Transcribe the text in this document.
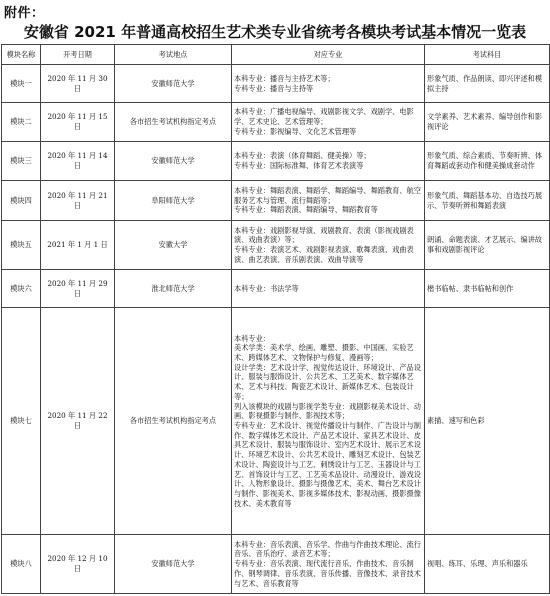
附件：
安徽省 2021 年普通高校招生艺术类专业省统考各模块考试基本情况一览表
模块名称	开考日期	考试地点	对应专业	考试科目
模块一	2020 年 11 月 30 日	安徽师范大学	本科专业：播音与主持艺术等；
专科专业：播音与主持等	形象气质、作品朗读、即兴评述和模拟主持

模块二	2020 年 11 月 15 日	各市招生考试机构指定考点	本科专业：广播电视编导、戏剧影视文学、戏剧学、电影学、艺术史论、艺术管理等；
专科专业：影视编导、文化艺术管理等	文学素养、艺术素养、编导创作和影视评论

模块三	2020 年 11 月 14 日	安徽师范大学	本科专业：表演（体育舞蹈、健美操）等；
专科专业：国际标准舞、体育艺术表演等	形象气质、综合素质、节奏听辨、体育舞蹈或套动作和健美操成套动作

模块四	2020 年 11 月 21 日	阜阳师范大学	本科专业：舞蹈表演、舞蹈学、舞蹈编导、舞蹈教育、航空服务艺术与管理、流行舞蹈等；
专科专业：舞蹈表演、舞蹈编导、舞蹈教育等	形象气质、舞蹈基本功、自选技巧展示、节奏听辨和舞蹈表演

模块五	2021 年 1 月 1 日	安徽大学	本科专业：戏剧影视导演、戏剧教育、表演（影视戏剧表演、戏曲表演）等；
专科专业：表演艺术、戏剧影视表演、歌舞表演、戏曲表演、曲艺表演、音乐剧表演、戏曲导演等	朗诵、命题表演、才艺展示、编讲故事和戏剧影视评论

模块六	2020 年 11 月 29 日	淮北师范大学	本科专业：书法学等	楷书临帖、隶书临帖和创作

模块七	2020 年 11 月 22 日	各市招生考试机构指定考点	本科专业：
美术学类：美术学、绘画、雕塑、摄影、中国画、实验艺术、跨媒体艺术、文物保护与修复、漫画等；
设计学类：艺术设计学、视觉传达设计、环境设计、产品设计、服装与服饰设计、公共艺术、工艺美术、数字媒体艺术、艺术与科技、陶瓷艺术设计、新媒体艺术、包装设计等；
列入该模块的戏剧与影视学类专业：戏剧影视美术设计、动画、影视摄影与制作、影视技术等；
专科专业：艺术设计、视觉传播设计与制作、广告设计与制作、数字媒体艺术设计、产品艺术设计、家具艺术设计、皮具艺术设计、服装与服饰设计、室内艺术设计、展示艺术设计、环境艺术设计、公共艺术设计、雕刻艺术设计、包装艺术设计、陶瓷设计与工艺、刺绣设计与工艺、玉器设计与工艺、首饰设计与工艺、工艺美术品设计、动漫设计、游戏设计、人物形象设计、摄影与摄像艺术、美术、舞台艺术设计与制作、影视美术、影视多媒体技术、影视动画、摄影摄像技术、美术教育等	素描、速写和色彩

模块八	2020 年 12 月 10 日	安徽师范大学	本科专业：音乐表演、音乐学、作曲与作曲技术理论、流行音乐、音乐治疗、录音艺术等；
专科专业：音乐表演、现代流行音乐、作曲技术、音乐制作、钢琴调律、音乐表演、音乐传播、音像技术、录音技术与艺术、音乐教育等	视唱、练耳、乐理、声乐和器乐
